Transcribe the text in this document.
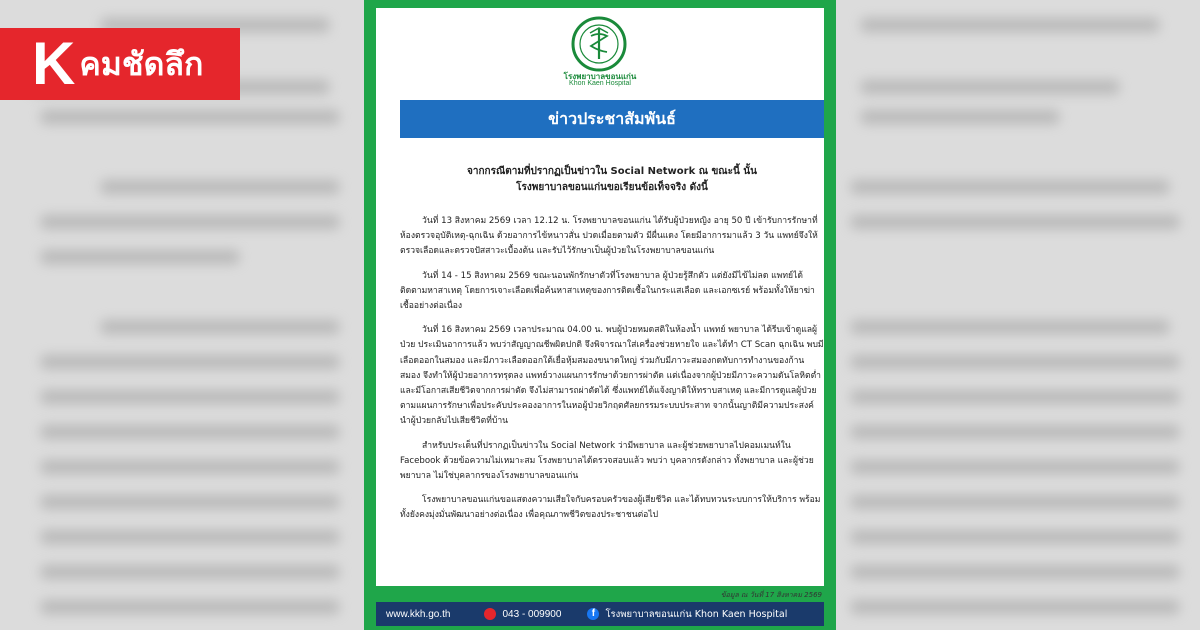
K คมชัดลึก	โรงพยาบาลขอนแก่น
Khon Kaen Hospital
ข่าวประชาสัมพันธ์
จากกรณีตามที่ปรากฏเป็นข่าวใน Social Network ณ ขณะนี้ นั้น
โรงพยาบาลขอนแก่นขอเรียนข้อเท็จจริง ดังนี้

วันที่ 13 สิงหาคม 2569 เวลา 12.12 น. โรงพยาบาลขอนแก่น ได้รับผู้ป่วยหญิง อายุ 50 ปี เข้ารับการรักษาที่ห้องตรวจอุบัติเหตุ-ฉุกเฉิน ด้วยอาการไข้หนาวสั่น ปวดเมื่อยตามตัว มีผื่นแดง โดยมีอาการมาแล้ว 3 วัน แพทย์จึงให้ตรวจเลือดและตรวจปัสสาวะเบื้องต้น และรับไว้รักษาเป็นผู้ป่วยในโรงพยาบาลขอนแก่น

วันที่ 14 - 15 สิงหาคม 2569 ขณะนอนพักรักษาตัวที่โรงพยาบาล ผู้ป่วยรู้สึกตัว แต่ยังมีไข้ไม่ลด แพทย์ได้ติดตามหาสาเหตุ โดยการเจาะเลือดเพื่อค้นหาสาเหตุของการติดเชื้อในกระแสเลือด และเอกซเรย์ พร้อมทั้งให้ยาฆ่าเชื้ออย่างต่อเนื่อง

วันที่ 16 สิงหาคม 2569 เวลาประมาณ 04.00 น. พบผู้ป่วยหมดสติในห้องน้ำ แพทย์ พยาบาล ได้รีบเข้าดูแลผู้ป่วย ประเมินอาการแล้ว พบว่าสัญญาณชีพผิดปกติ จึงพิจารณาใส่เครื่องช่วยหายใจ และได้ทำ CT Scan ฉุกเฉิน พบมีเลือดออกในสมอง และมีภาวะเลือดออกใต้เยื่อหุ้มสมองขนาดใหญ่ ร่วมกับมีภาวะสมองกดทับการทำงานของก้านสมอง จึงทำให้ผู้ป่วยอาการทรุดลง แพทย์วางแผนการรักษาด้วยการผ่าตัด แต่เนื่องจากผู้ป่วยมีภาวะความดันโลหิตต่ำ และมีโอกาสเสียชีวิตจากการผ่าตัด จึงไม่สามารถผ่าตัดได้ ซึ่งแพทย์ได้แจ้งญาติให้ทราบสาเหตุ และมีการดูแลผู้ป่วยตามแผนการรักษาเพื่อประคับประคองอาการในหอผู้ป่วยวิกฤตศัลยกรรมระบบประสาท จากนั้นญาติมีความประสงค์นำผู้ป่วยกลับไปเสียชีวิตที่บ้าน

สำหรับประเด็นที่ปรากฏเป็นข่าวใน Social Network ว่ามีพยาบาล และผู้ช่วยพยาบาลไปคอมเมนท์ใน Facebook ด้วยข้อความไม่เหมาะสม โรงพยาบาลได้ตรวจสอบแล้ว พบว่า บุคลากรดังกล่าว ทั้งพยาบาล และผู้ช่วยพยาบาล ไม่ใช่บุคลากรของโรงพยาบาลขอนแก่น

โรงพยาบาลขอนแก่นขอแสดงความเสียใจกับครอบครัวของผู้เสียชีวิต และได้ทบทวนระบบการให้บริการ พร้อมทั้งยังคงมุ่งมั่นพัฒนาอย่างต่อเนื่อง เพื่อคุณภาพชีวิตของประชาชนต่อไป

ข้อมูล ณ วันที่ 17 สิงหาคม 2569
www.kkh.go.th	043 - 009900	f	โรงพยาบาลขอนแก่น Khon Kaen Hospital
